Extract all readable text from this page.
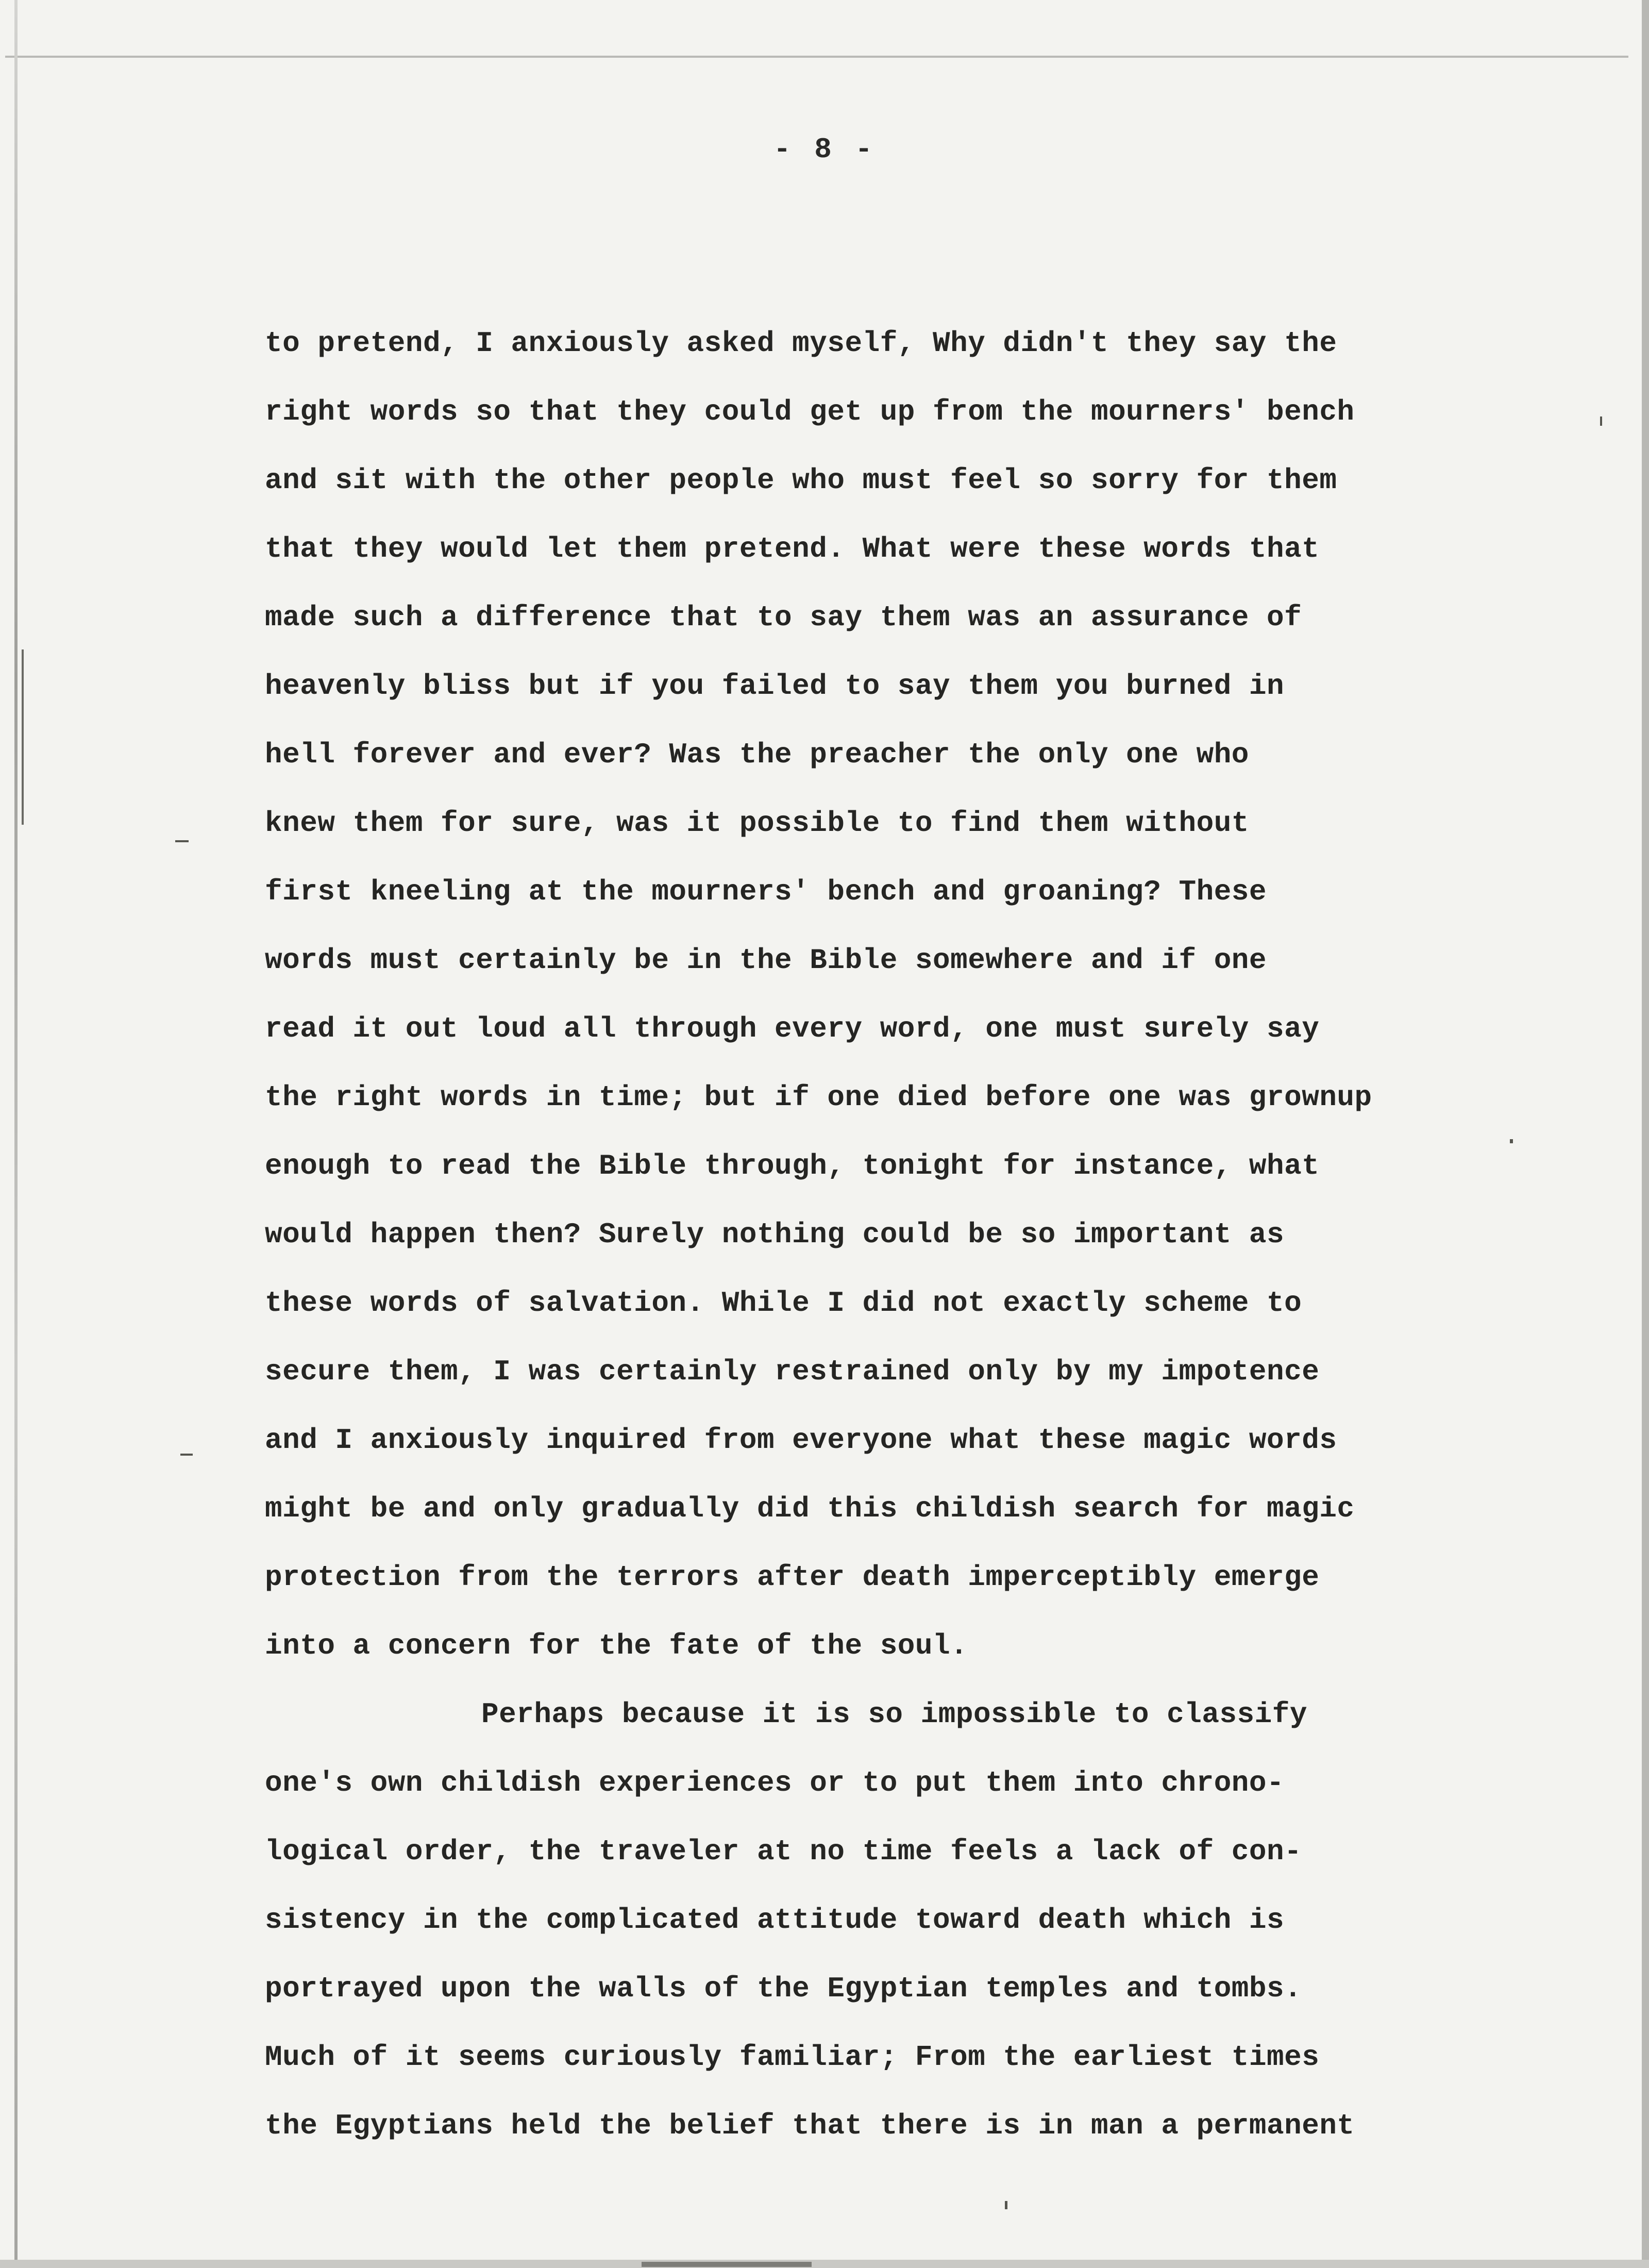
- 8 -
to pretend, I anxiously asked myself, Why didn't they say the
right words so that they could get up from the mourners' bench
and sit with the other people who must feel so sorry for them
that they would let them pretend. What were these words that
made such a difference that to say them was an assurance of
heavenly bliss but if you failed to say them you burned in
hell forever and ever? Was the preacher the only one who
knew them for sure, was it possible to find them without
first kneeling at the mourners' bench and groaning? These
words must certainly be in the Bible somewhere and if one
read it out loud all through every word, one must surely say
the right words in time; but if one died before one was grownup
enough to read the Bible through, tonight for instance, what
would happen then? Surely nothing could be so important as
these words of salvation. While I did not exactly scheme to
secure them, I was certainly restrained only by my impotence
and I anxiously inquired from everyone what these magic words
might be and only gradually did this childish search for magic
protection from the terrors after death imperceptibly emerge
into a concern for the fate of the soul.
Perhaps because it is so impossible to classify
one's own childish experiences or to put them into chrono-
logical order, the traveler at no time feels a lack of con-
sistency in the complicated attitude toward death which is
portrayed upon the walls of the Egyptian temples and tombs.
Much of it seems curiously familiar; From the earliest times
the Egyptians held the belief that there is in man a permanent
